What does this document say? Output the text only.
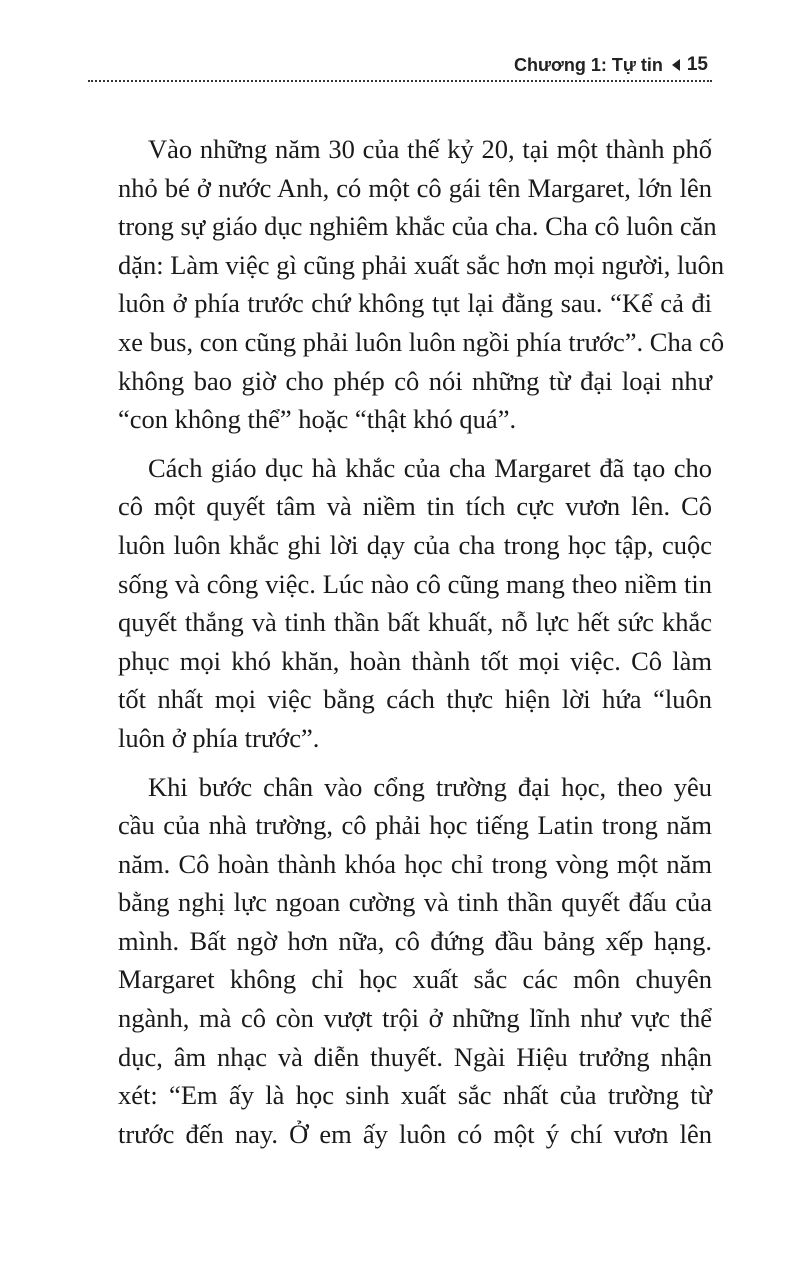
Chương 1: Tự tin 15
Vào những năm 30 của thế kỷ 20, tại một thành phố
nhỏ bé ở nước Anh, có một cô gái tên Margaret, lớn lên
trong sự giáo dục nghiêm khắc của cha. Cha cô luôn căn
dặn: Làm việc gì cũng phải xuất sắc hơn mọi người, luôn
luôn ở phía trước chứ không tụt lại đằng sau. “Kể cả đi
xe bus, con cũng phải luôn luôn ngồi phía trước”. Cha cô
không bao giờ cho phép cô nói những từ đại loại như
“con không thể” hoặc “thật khó quá”.
Cách giáo dục hà khắc của cha Margaret đã tạo cho
cô một quyết tâm và niềm tin tích cực vươn lên. Cô
luôn luôn khắc ghi lời dạy của cha trong học tập, cuộc
sống và công việc. Lúc nào cô cũng mang theo niềm tin
quyết thắng và tinh thần bất khuất, nỗ lực hết sức khắc
phục mọi khó khăn, hoàn thành tốt mọi việc. Cô làm
tốt nhất mọi việc bằng cách thực hiện lời hứa “luôn
luôn ở phía trước”.
Khi bước chân vào cổng trường đại học, theo yêu
cầu của nhà trường, cô phải học tiếng Latin trong năm
năm. Cô hoàn thành khóa học chỉ trong vòng một năm
bằng nghị lực ngoan cường và tinh thần quyết đấu của
mình. Bất ngờ hơn nữa, cô đứng đầu bảng xếp hạng.
Margaret không chỉ học xuất sắc các môn chuyên
ngành, mà cô còn vượt trội ở những lĩnh như vực thể
dục, âm nhạc và diễn thuyết. Ngài Hiệu trưởng nhận
xét: “Em ấy là học sinh xuất sắc nhất của trường từ
trước đến nay. Ở em ấy luôn có một ý chí vươn lên
